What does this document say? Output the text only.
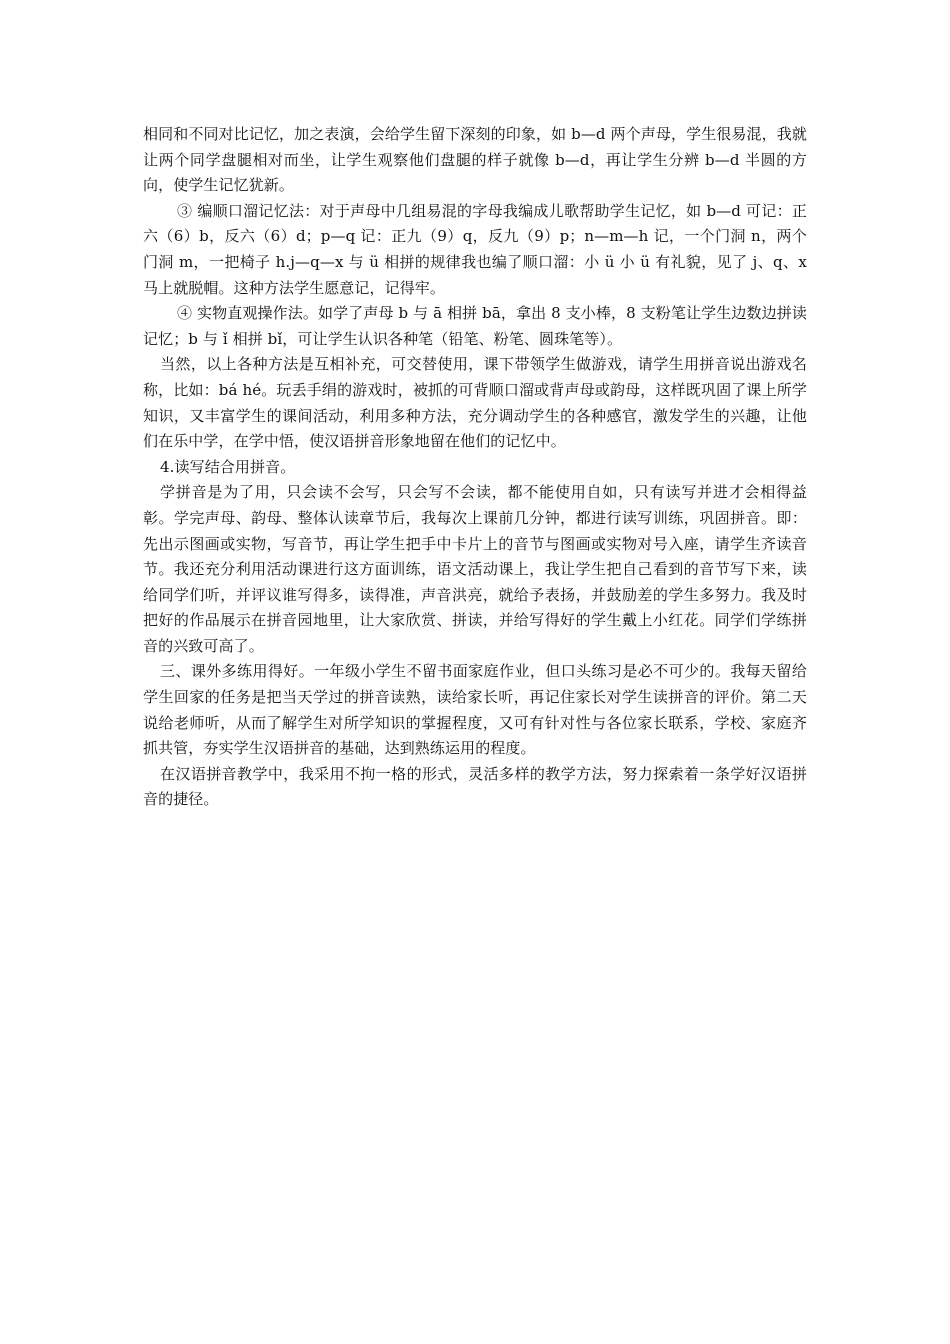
相同和不同对比记忆，加之表演，会给学生留下深刻的印象，如 b—d 两个声母，学生很易混，我就让两个同学盘腿相对而坐，让学生观察他们盘腿的样子就像 b—d，再让学生分辨 b—d 半圆的方向，使学生记忆犹新。

③ 编顺口溜记忆法：对于声母中几组易混的字母我编成儿歌帮助学生记忆，如 b—d 可记：正六（6）b，反六（6）d；p—q 记：正九（9）q，反九（9）p；n—m—h 记，一个门洞 n，两个门洞 m，一把椅子 h.j—q—x 与 ü 相拼的规律我也编了顺口溜：小 ü 小 ü 有礼貌，见了 j、q、x 马上就脱帽。这种方法学生愿意记，记得牢。

④ 实物直观操作法。如学了声母 b 与 ā 相拼 bā，拿出 8 支小棒，8 支粉笔让学生边数边拼读记忆；b 与 ǐ 相拼 bǐ，可让学生认识各种笔（铅笔、粉笔、圆珠笔等）。

当然，以上各种方法是互相补充，可交替使用，课下带领学生做游戏，请学生用拼音说出游戏名称，比如：bá hé。玩丢手绢的游戏时，被抓的可背顺口溜或背声母或韵母，这样既巩固了课上所学知识，又丰富学生的课间活动，利用多种方法，充分调动学生的各种感官，激发学生的兴趣，让他们在乐中学，在学中悟，使汉语拼音形象地留在他们的记忆中。

4.读写结合用拼音。

学拼音是为了用，只会读不会写，只会写不会读，都不能使用自如，只有读写并进才会相得益彰。学完声母、韵母、整体认读章节后，我每次上课前几分钟，都进行读写训练，巩固拼音。即：先出示图画或实物，写音节，再让学生把手中卡片上的音节与图画或实物对号入座，请学生齐读音节。我还充分利用活动课进行这方面训练，语文活动课上，我让学生把自己看到的音节写下来，读给同学们听，并评议谁写得多，读得准，声音洪亮，就给予表扬，并鼓励差的学生多努力。我及时把好的作品展示在拼音园地里，让大家欣赏、拼读，并给写得好的学生戴上小红花。同学们学练拼音的兴致可高了。

三、课外多练用得好。一年级小学生不留书面家庭作业，但口头练习是必不可少的。我每天留给学生回家的任务是把当天学过的拼音读熟，读给家长听，再记住家长对学生读拼音的评价。第二天说给老师听，从而了解学生对所学知识的掌握程度，又可有针对性与各位家长联系，学校、家庭齐抓共管，夯实学生汉语拼音的基础，达到熟练运用的程度。

在汉语拼音教学中，我采用不拘一格的形式，灵活多样的教学方法，努力探索着一条学好汉语拼音的捷径。
